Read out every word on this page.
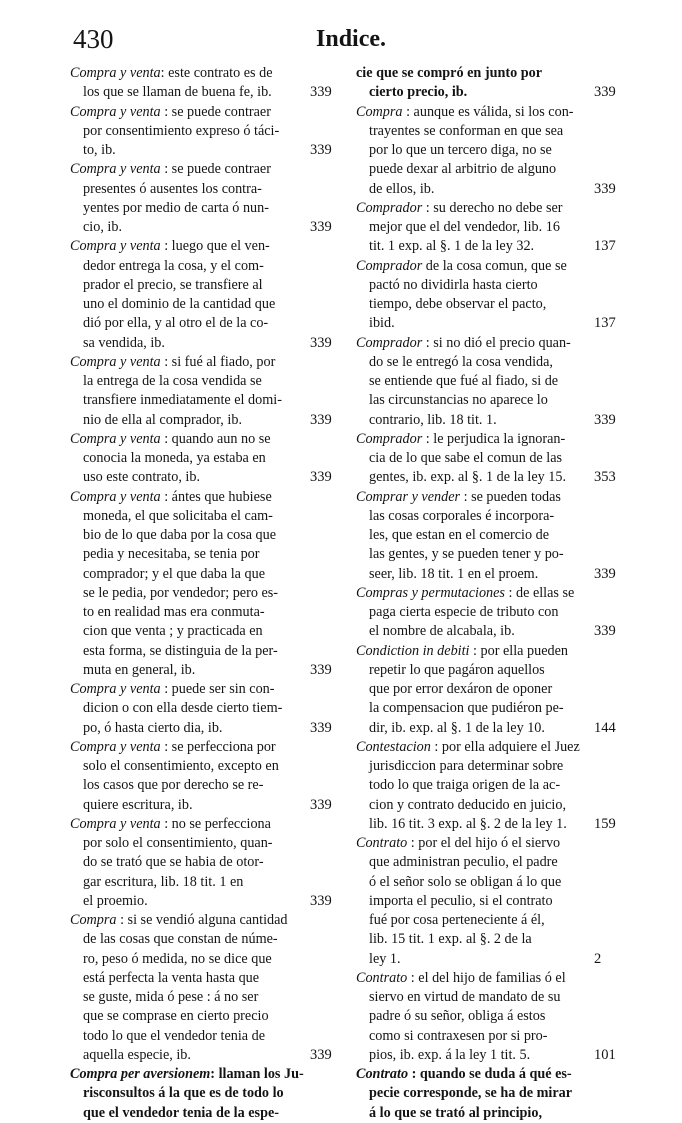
430	Indice.
Compra y venta: este contrato es de
los que se llaman de buena fe, ib.	339
Compra y venta : se puede contraer
por consentimiento expreso ó táci-
to, ib.	339
Compra y venta : se puede contraer
presentes ó ausentes los contra-
yentes por medio de carta ó nun-
cio, ib.	339
Compra y venta : luego que el ven-
dedor entrega la cosa, y el com-
prador el precio, se transfiere al
uno el dominio de la cantidad que
dió por ella, y al otro el de la co-
sa vendida, ib.	339
Compra y venta : si fué al fiado, por
la entrega de la cosa vendida se
transfiere inmediatamente el domi-
nio de ella al comprador, ib.	339
Compra y venta : quando aun no se
conocia la moneda, ya estaba en
uso este contrato, ib.	339
Compra y venta : ántes que hubiese
moneda, el que solicitaba el cam-
bio de lo que daba por la cosa que
pedia y necesitaba, se tenia por
comprador; y el que daba la que
se le pedia, por vendedor; pero es-
to en realidad mas era conmuta-
cion que venta ; y practicada en
esta forma, se distinguia de la per-
muta en general, ib.	339
Compra y venta : puede ser sin con-
dicion o con ella desde cierto tiem-
po, ó hasta cierto dia, ib.	339
Compra y venta : se perfecciona por
solo el consentimiento, excepto en
los casos que por derecho se re-
quiere escritura, ib.	339
Compra y venta : no se perfecciona
por solo el consentimiento, quan-
do se trató que se habia de otor-
gar escritura, lib. 18 tit. 1 en
el proemio.	339
Compra : si se vendió alguna cantidad
de las cosas que constan de núme-
ro, peso ó medida, no se dice que
está perfecta la venta hasta que
se guste, mida ó pese : á no ser
que se comprase en cierto precio
todo lo que el vendedor tenia de
aquella especie, ib.	339
Compra per aversionem: llaman los Ju-
risconsultos á la que es de todo lo
que el vendedor tenia de la espe-
cie que se compró en junto por
cierto precio, ib.	339
Compra : aunque es válida, si los con-
trayentes se conforman en que sea
por lo que un tercero diga, no se
puede dexar al arbitrio de alguno
de ellos, ib.	339
Comprador : su derecho no debe ser
mejor que el del vendedor, lib. 16
tit. 1 exp. al §. 1 de la ley 32.	137
Comprador de la cosa comun, que se
pactó no dividirla hasta cierto
tiempo, debe observar el pacto,
ibid.	137
Comprador : si no dió el precio quan-
do se le entregó la cosa vendida,
se entiende que fué al fiado, si de
las circunstancias no aparece lo
contrario, lib. 18 tit. 1.	339
Comprador : le perjudica la ignoran-
cia de lo que sabe el comun de las
gentes, ib. exp. al §. 1 de la ley 15.	353
Comprar y vender : se pueden todas
las cosas corporales é incorpora-
les, que estan en el comercio de
las gentes, y se pueden tener y po-
seer, lib. 18 tit. 1 en el proem.	339
Compras y permutaciones : de ellas se
paga cierta especie de tributo con
el nombre de alcabala, ib.	339
Condiction in debiti : por ella pueden
repetir lo que pagáron aquellos
que por error dexáron de oponer
la compensacion que pudiéron pe-
dir, ib. exp. al §. 1 de la ley 10.	144
Contestacion : por ella adquiere el Juez
jurisdiccion para determinar sobre
todo lo que traiga origen de la ac-
cion y contrato deducido en juicio,
lib. 16 tit. 3 exp. al §. 2 de la ley 1.	159
Contrato : por el del hijo ó el siervo
que administran peculio, el padre
ó el señor solo se obligan á lo que
importa el peculio, si el contrato
fué por cosa perteneciente á él,
lib. 15 tit. 1 exp. al §. 2 de la
ley 1.	2
Contrato : el del hijo de familias ó el
siervo en virtud de mandato de su
padre ó su señor, obliga á estos
como si contraxesen por si pro-
pios, ib. exp. á la ley 1 tit. 5.	101
Contrato : quando se duda á qué es-
pecie corresponde, se ha de mirar
á lo que se trató al principio,
